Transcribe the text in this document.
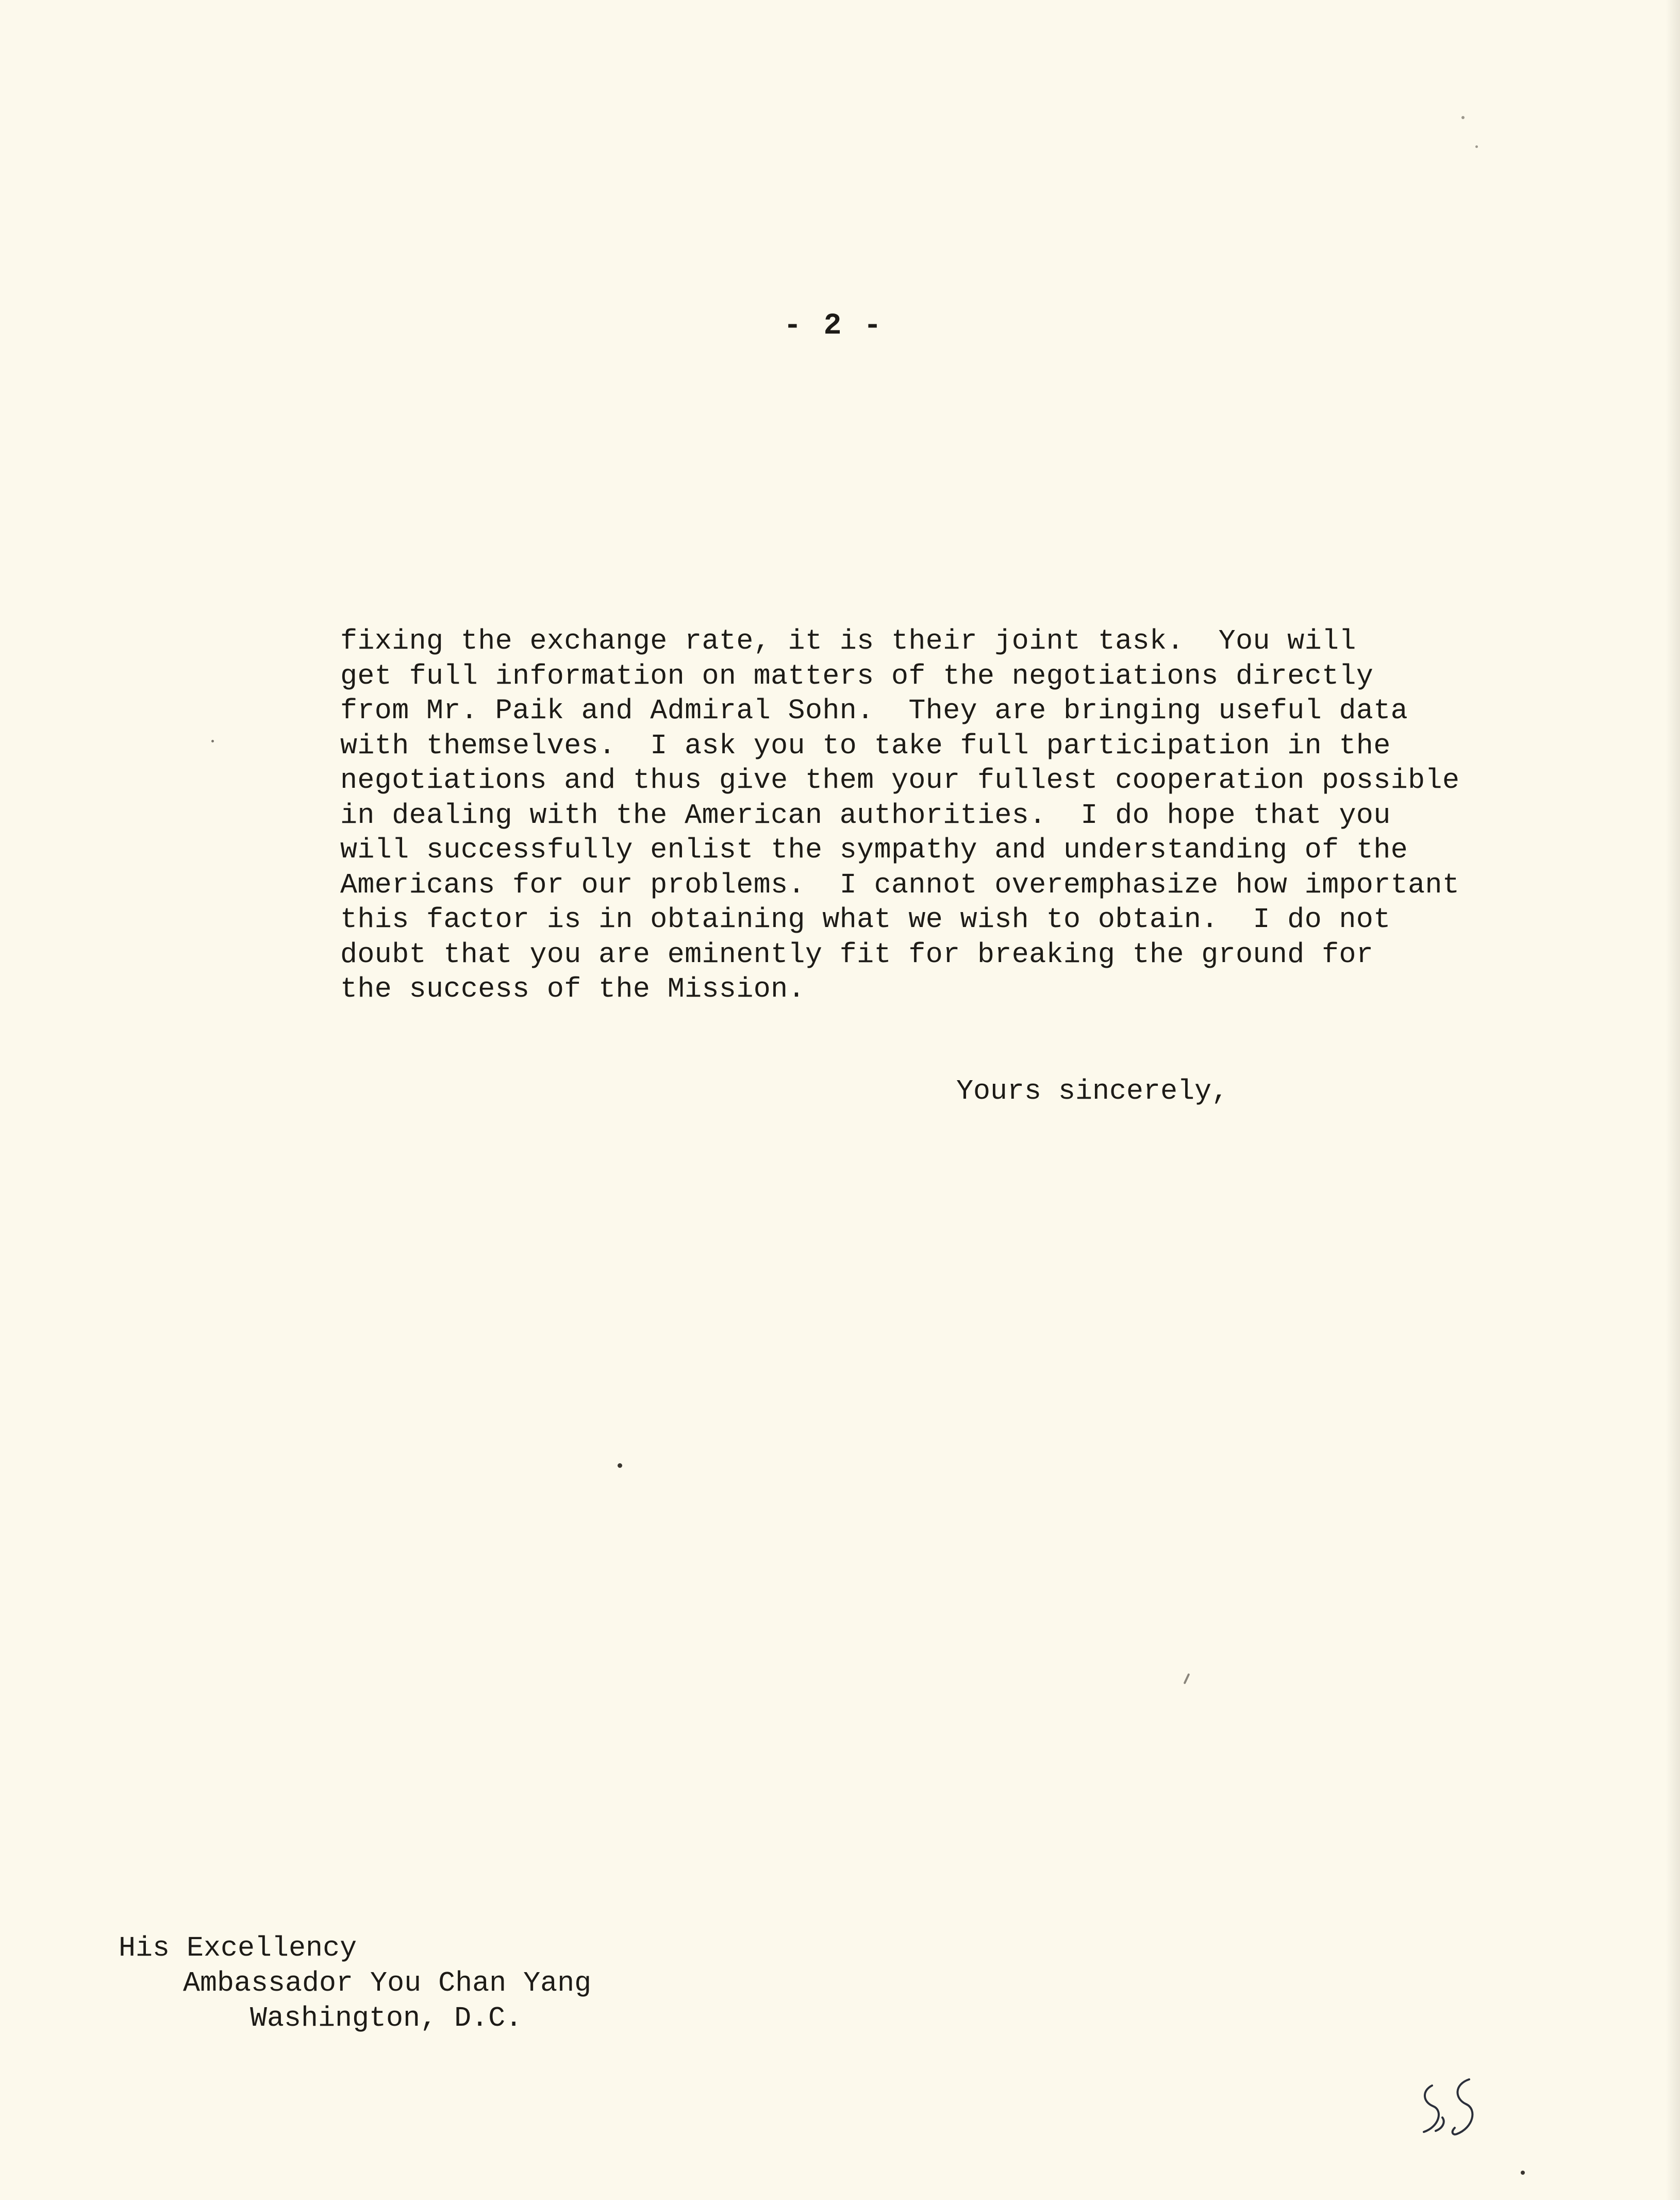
- 2 -
fixing the exchange rate, it is their joint task.  You will
get full information on matters of the negotiations directly
from Mr. Paik and Admiral Sohn.  They are bringing useful data
with themselves.  I ask you to take full participation in the
negotiations and thus give them your fullest cooperation possible
in dealing with the American authorities.  I do hope that you
will successfully enlist the sympathy and understanding of the
Americans for our problems.  I cannot overemphasize how important
this factor is in obtaining what we wish to obtain.  I do not
doubt that you are eminently fit for breaking the ground for
the success of the Mission.
Yours sincerely,
His Excellency
Ambassador You Chan Yang
Washington, D.C.
